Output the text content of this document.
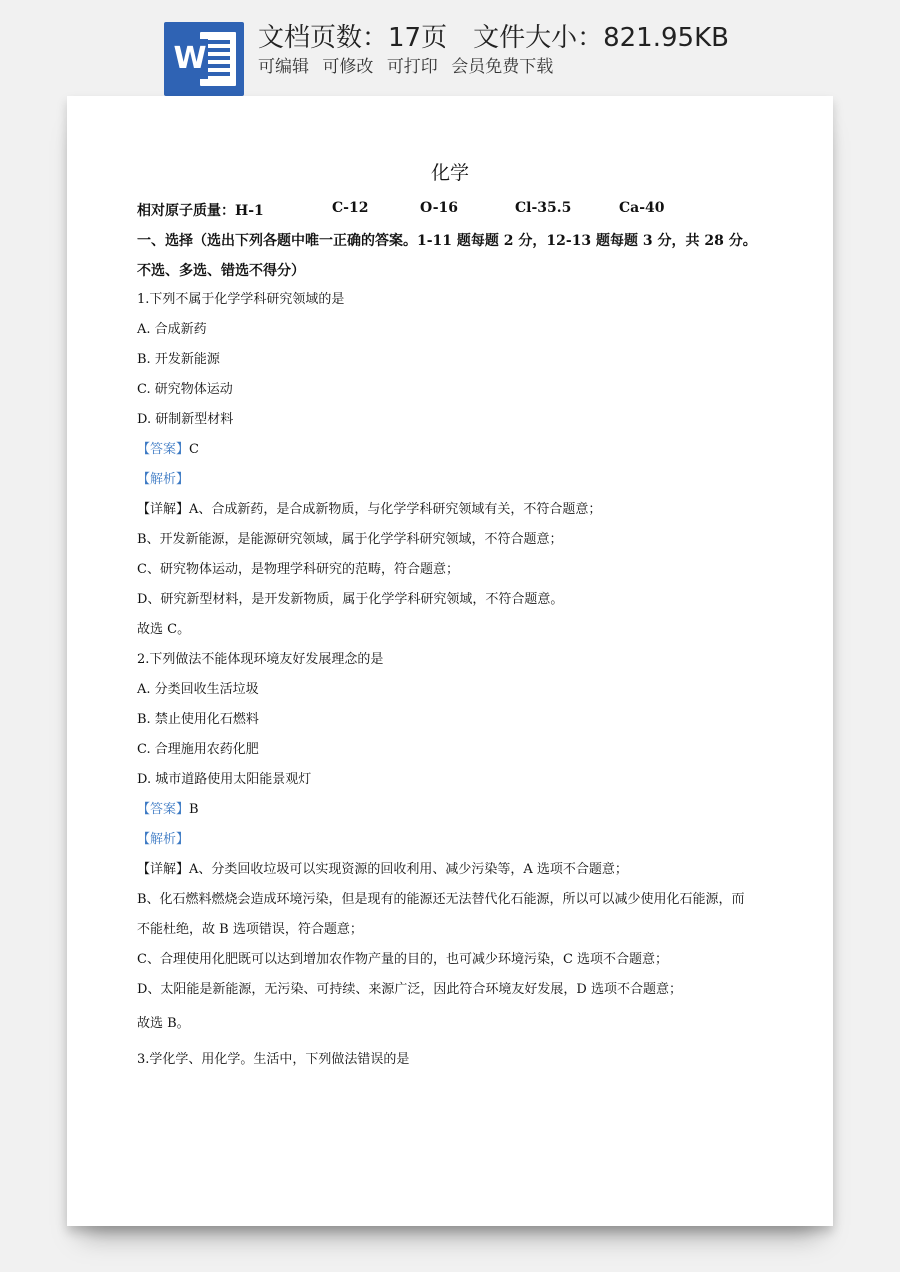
W
文档页数：17页 文件大小：821.95KB
可编辑 可修改 可打印 会员免费下载
化学
相对原子质量：H-1	C-12	O-16	Cl-35.5	Ca-40
一、选择（选出下列各题中唯一正确的答案。1-11 题每题 2 分，12-13 题每题 3 分，共 28 分。
不选、多选、错选不得分）
1.下列不属于化学学科研究领域的是
A. 合成新药
B. 开发新能源
C. 研究物体运动
D. 研制新型材料
【答案】C
【解析】
【详解】A、合成新药，是合成新物质，与化学学科研究领域有关，不符合题意；
B、开发新能源，是能源研究领域，属于化学学科研究领域，不符合题意；
C、研究物体运动，是物理学科研究的范畴，符合题意；
D、研究新型材料，是开发新物质，属于化学学科研究领域，不符合题意。
故选 C。
2.下列做法不能体现环境友好发展理念的是
A. 分类回收生活垃圾
B. 禁止使用化石燃料
C. 合理施用农药化肥
D. 城市道路使用太阳能景观灯
【答案】B
【解析】
【详解】A、分类回收垃圾可以实现资源的回收利用、减少污染等，A 选项不合题意；
B、化石燃料燃烧会造成环境污染，但是现有的能源还无法替代化石能源，所以可以减少使用化石能源，而
不能杜绝，故 B 选项错误，符合题意；
C、合理使用化肥既可以达到增加农作物产量的目的，也可减少环境污染，C 选项不合题意；
D、太阳能是新能源，无污染、可持续、来源广泛，因此符合环境友好发展，D 选项不合题意；
故选 B。
3.学化学、用化学。生活中，下列做法错误的是
